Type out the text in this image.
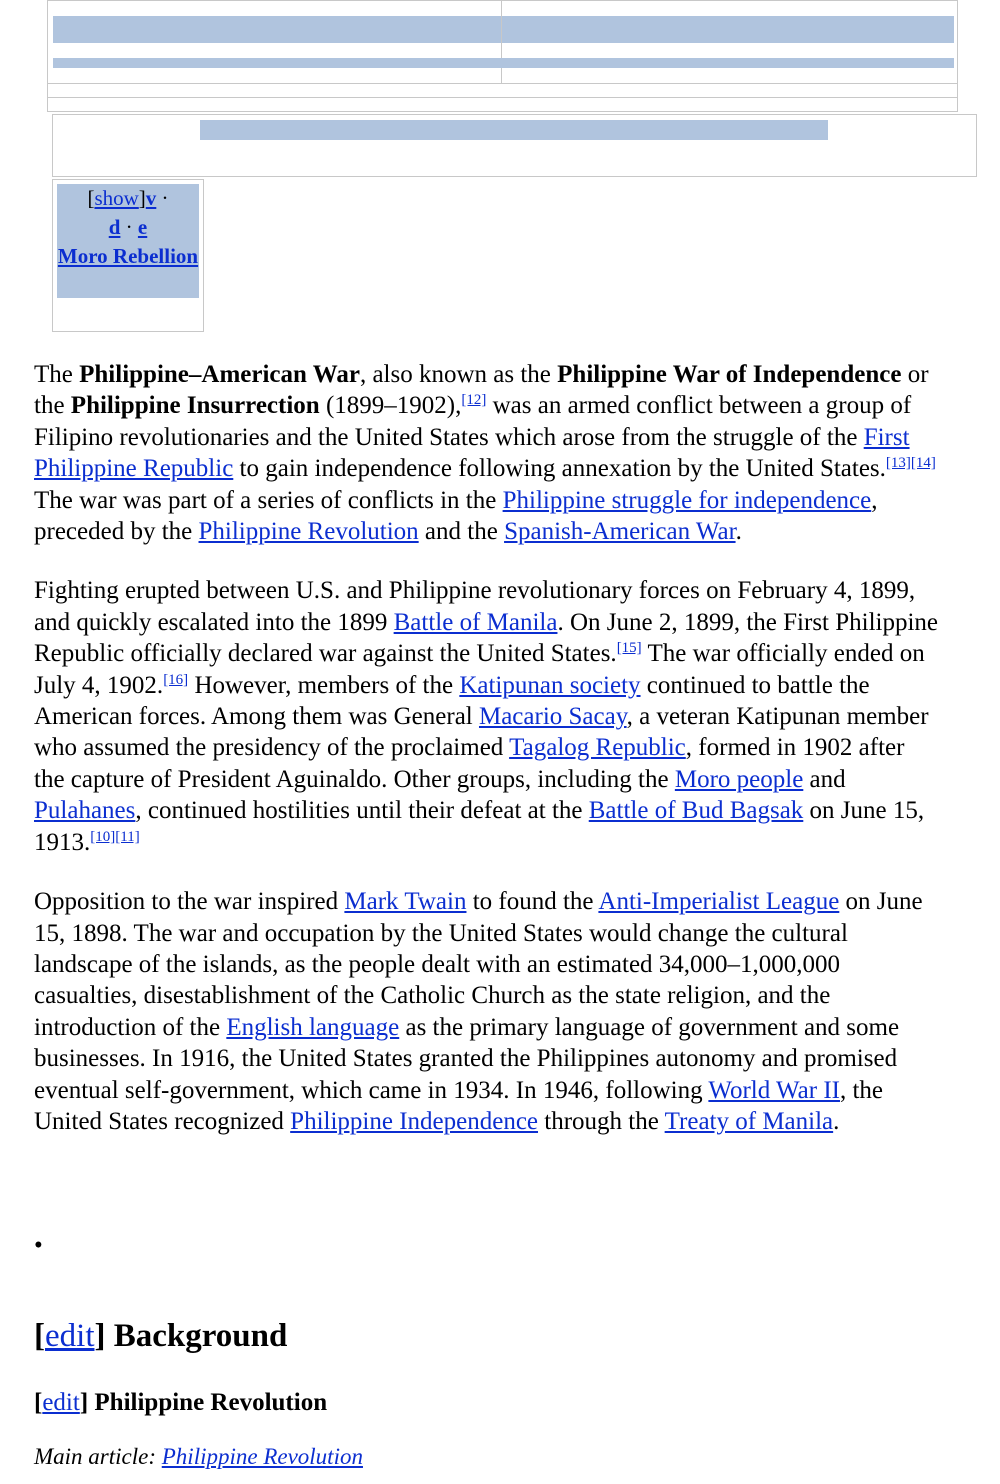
[show]v ·
d · e
Moro Rebellion

The Philippine–American War, also known as the Philippine War of Independence or the Philippine Insurrection (1899–1902),[12] was an armed conflict between a group of Filipino revolutionaries and the United States which arose from the struggle of the First Philippine Republic to gain independence following annexation by the United States.[13][14] The war was part of a series of conflicts in the Philippine struggle for independence, preceded by the Philippine Revolution and the Spanish-American War.

Fighting erupted between U.S. and Philippine revolutionary forces on February 4, 1899, and quickly escalated into the 1899 Battle of Manila. On June 2, 1899, the First Philippine Republic officially declared war against the United States.[15] The war officially ended on July 4, 1902.[16] However, members of the Katipunan society continued to battle the American forces. Among them was General Macario Sacay, a veteran Katipunan member who assumed the presidency of the proclaimed Tagalog Republic, formed in 1902 after the capture of President Aguinaldo. Other groups, including the Moro people and Pulahanes, continued hostilities until their defeat at the Battle of Bud Bagsak on June 15, 1913.[10][11]

Opposition to the war inspired Mark Twain to found the Anti-Imperialist League on June 15, 1898. The war and occupation by the United States would change the cultural landscape of the islands, as the people dealt with an estimated 34,000–1,000,000 casualties, disestablishment of the Catholic Church as the state religion, and the introduction of the English language as the primary language of government and some businesses. In 1916, the United States granted the Philippines autonomy and promised eventual self-government, which came in 1934. In 1946, following World War II, the United States recognized Philippine Independence through the Treaty of Manila.

•
[edit] Background
[edit] Philippine Revolution
Main article: Philippine Revolution
